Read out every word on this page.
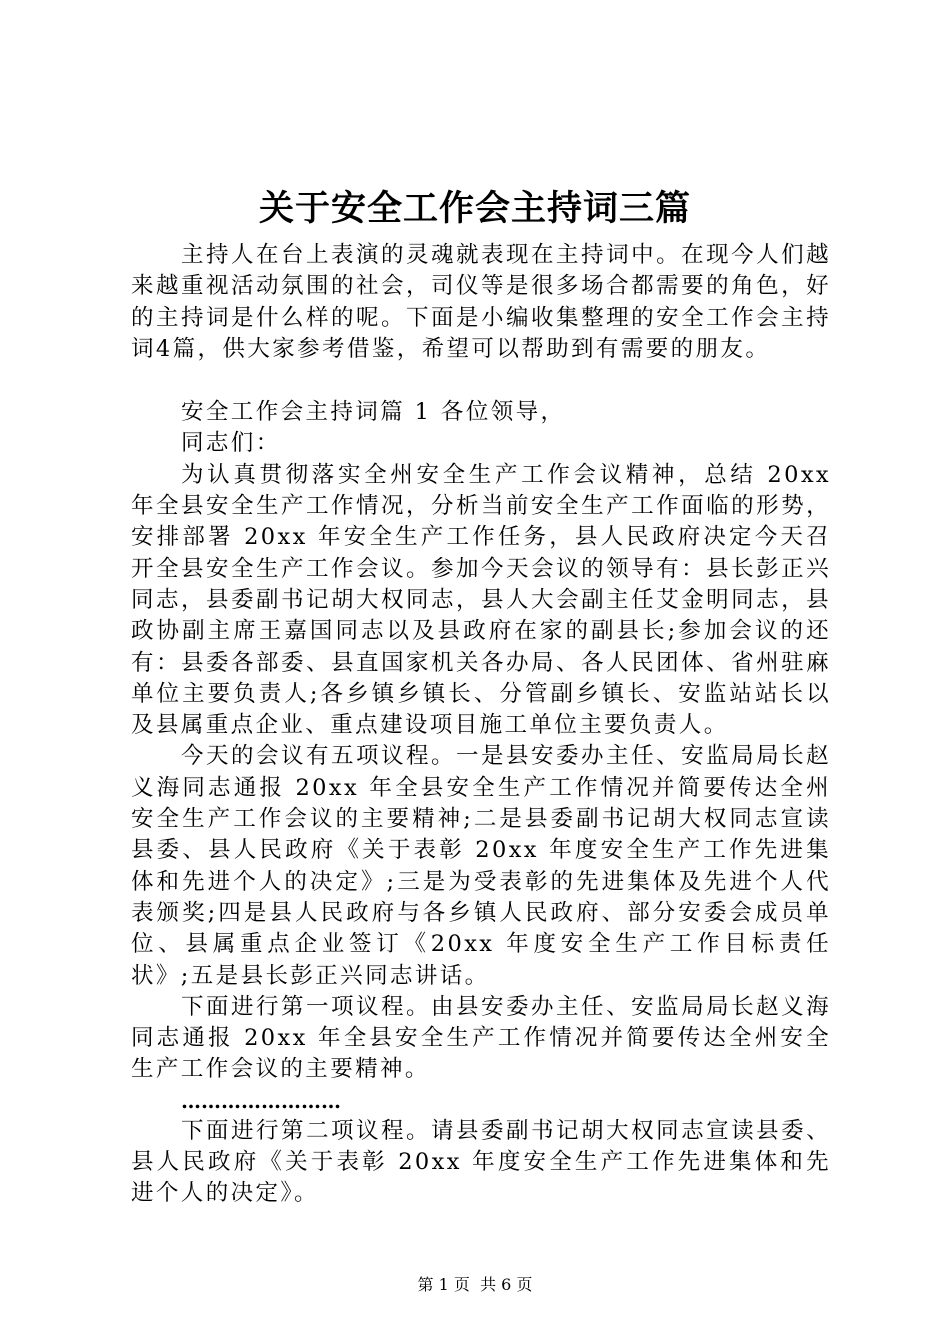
关于安全工作会主持词三篇

主持人在台上表演的灵魂就表现在主持词中。在现今人们越来越重视活动氛围的社会，司仪等是很多场合都需要的角色，好的主持词是什么样的呢。下面是小编收集整理的安全工作会主持词4篇，供大家参考借鉴，希望可以帮助到有需要的朋友。

安全工作会主持词篇 1 各位领导，

同志们：

为认真贯彻落实全州安全生产工作会议精神，总结 20xx 年全县安全生产工作情况，分析当前安全生产工作面临的形势，安排部署 20xx 年安全生产工作任务，县人民政府决定今天召开全县安全生产工作会议。参加今天会议的领导有：县长彭正兴同志，县委副书记胡大权同志，县人大会副主任艾金明同志，县政协副主席王嘉国同志以及县政府在家的副县长;参加会议的还有：县委各部委、县直国家机关各办局、各人民团体、省州驻麻单位主要负责人;各乡镇乡镇长、分管副乡镇长、安监站站长以及县属重点企业、重点建设项目施工单位主要负责人。

今天的会议有五项议程。一是县安委办主任、安监局局长赵义海同志通报 20xx 年全县安全生产工作情况并简要传达全州安全生产工作会议的主要精神;二是县委副书记胡大权同志宣读县委、县人民政府《关于表彰 20xx 年度安全生产工作先进集体和先进个人的决定》;三是为受表彰的先进集体及先进个人代表颁奖;四是县人民政府与各乡镇人民政府、部分安委会成员单位、县属重点企业签订《20xx 年度安全生产工作目标责任状》;五是县长彭正兴同志讲话。

下面进行第一项议程。由县安委办主任、安监局局长赵义海同志通报 20xx 年全县安全生产工作情况并简要传达全州安全生产工作会议的主要精神。

……………………

下面进行第二项议程。请县委副书记胡大权同志宣读县委、县人民政府《关于表彰 20xx 年度安全生产工作先进集体和先进个人的决定》。

第 1 页 共 6 页
